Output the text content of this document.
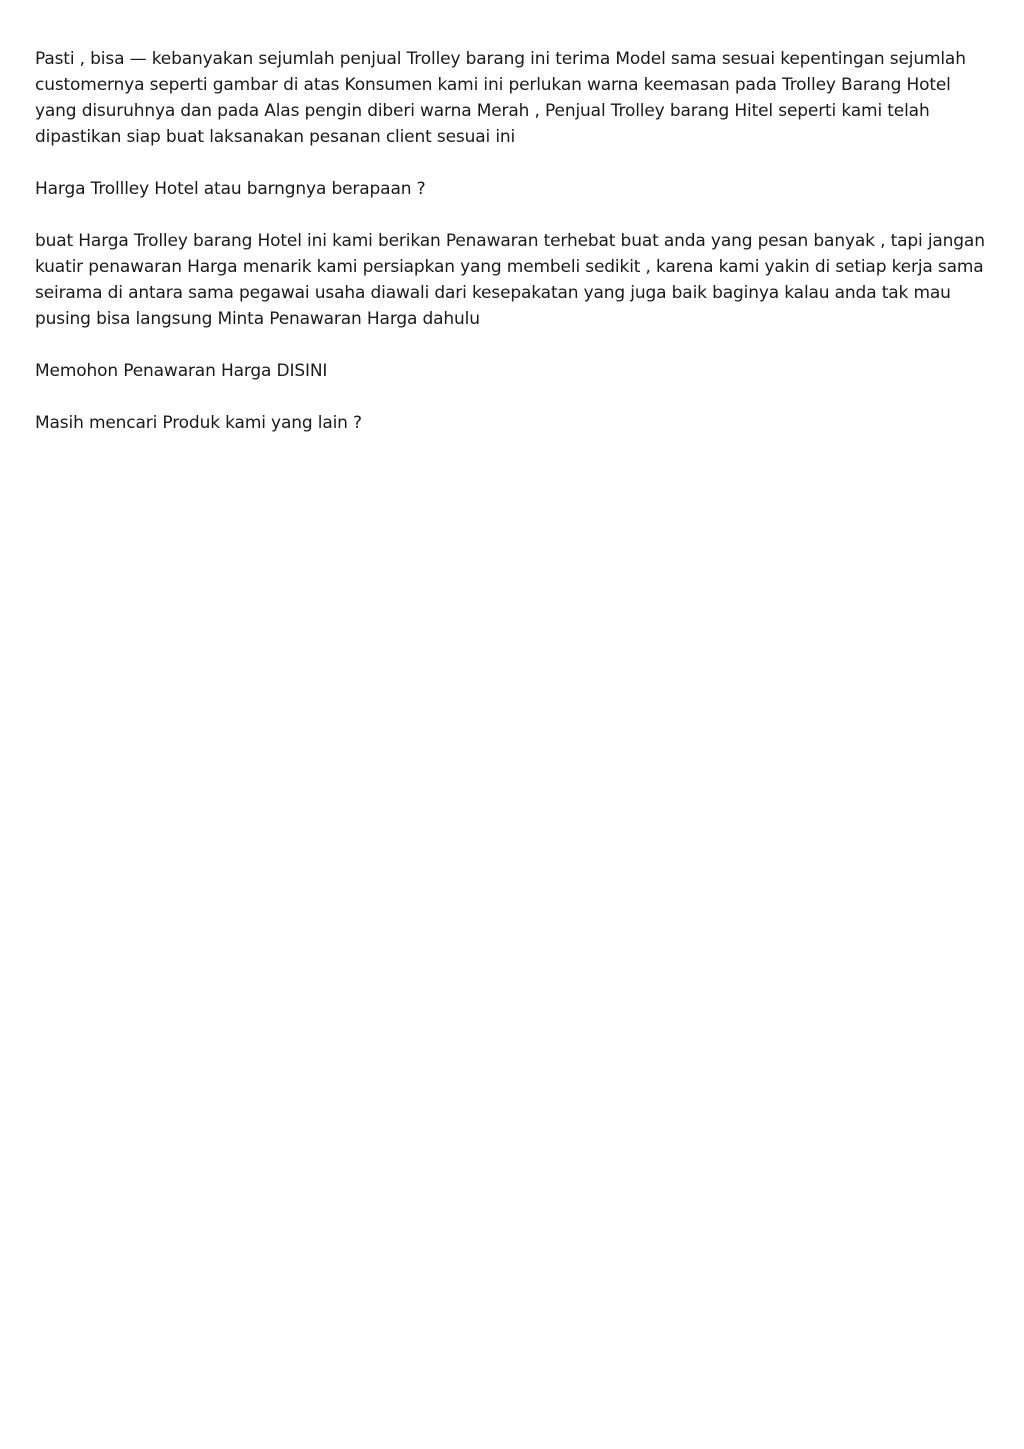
Pasti , bisa — kebanyakan sejumlah penjual Trolley barang ini terima Model sama sesuai kepentingan sejumlah customernya seperti gambar di atas Konsumen kami ini perlukan warna keemasan pada Trolley Barang Hotel yang disuruhnya dan pada Alas pengin diberi warna Merah , Penjual Trolley barang Hitel seperti kami telah dipastikan siap buat laksanakan pesanan client sesuai ini

Harga Trollley Hotel atau barngnya berapaan ?

buat Harga Trolley barang Hotel ini kami berikan Penawaran terhebat buat anda yang pesan banyak , tapi jangan kuatir penawaran Harga menarik kami persiapkan yang membeli sedikit , karena kami yakin di setiap kerja sama seirama di antara sama pegawai usaha diawali dari kesepakatan yang juga baik baginya kalau anda tak mau pusing bisa langsung Minta Penawaran Harga dahulu

Memohon Penawaran Harga DISINI

Masih mencari Produk kami yang lain ?
